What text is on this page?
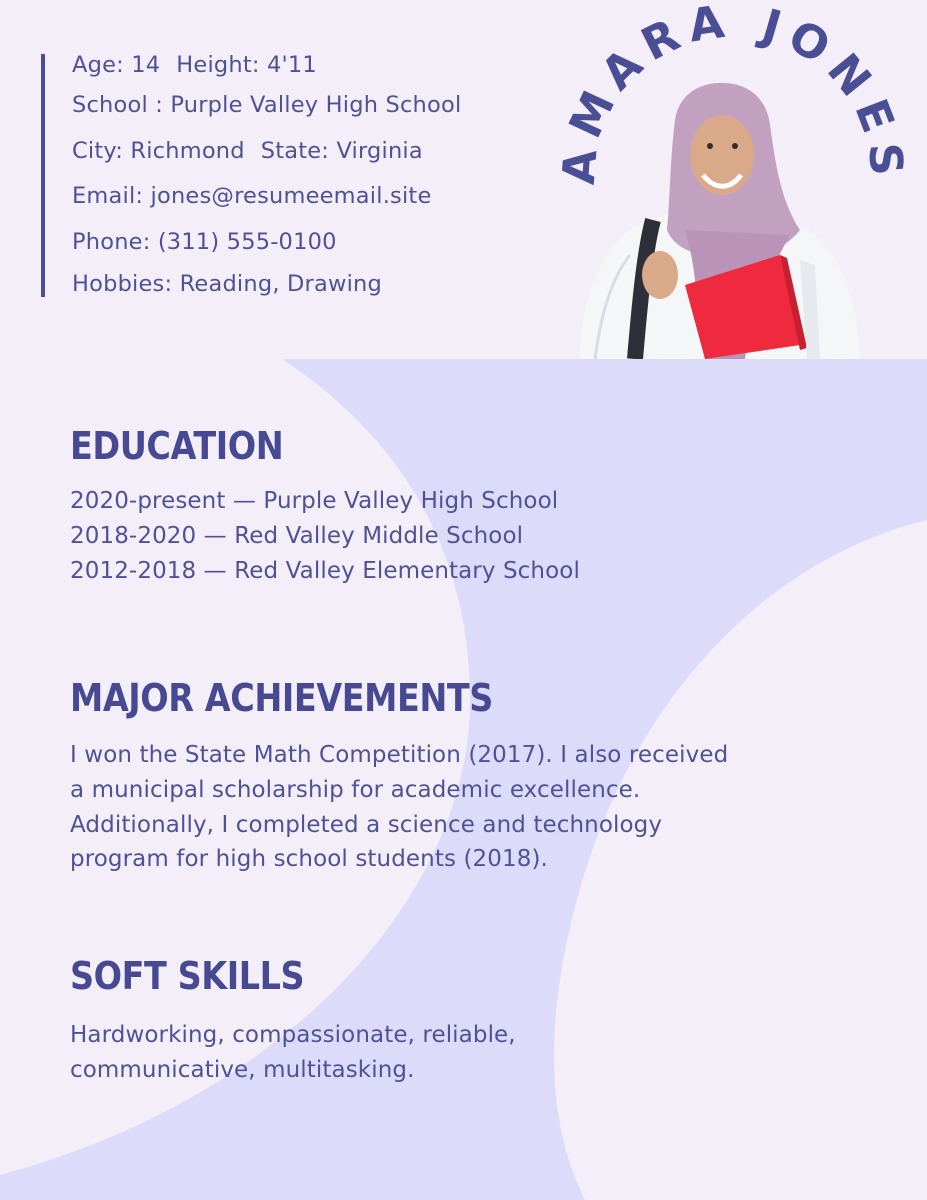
Age: 14 Height: 4'11
School : Purple Valley High School
City: Richmond State: Virginia
Email: jones@resumeemail.site
Phone: (311) 555-0100
Hobbies: Reading, Drawing
AMARA JONES
EDUCATION

2020-present — Purple Valley High School

2018-2020 — Red Valley Middle School

2012-2018 — Red Valley Elementary School

MAJOR ACHIEVEMENTS

I won the State Math Competition (2017). I also received

a municipal scholarship for academic excellence.

Additionally, I completed a science and technology

program for high school students (2018).

SOFT SKILLS

Hardworking, compassionate, reliable,

communicative, multitasking.
